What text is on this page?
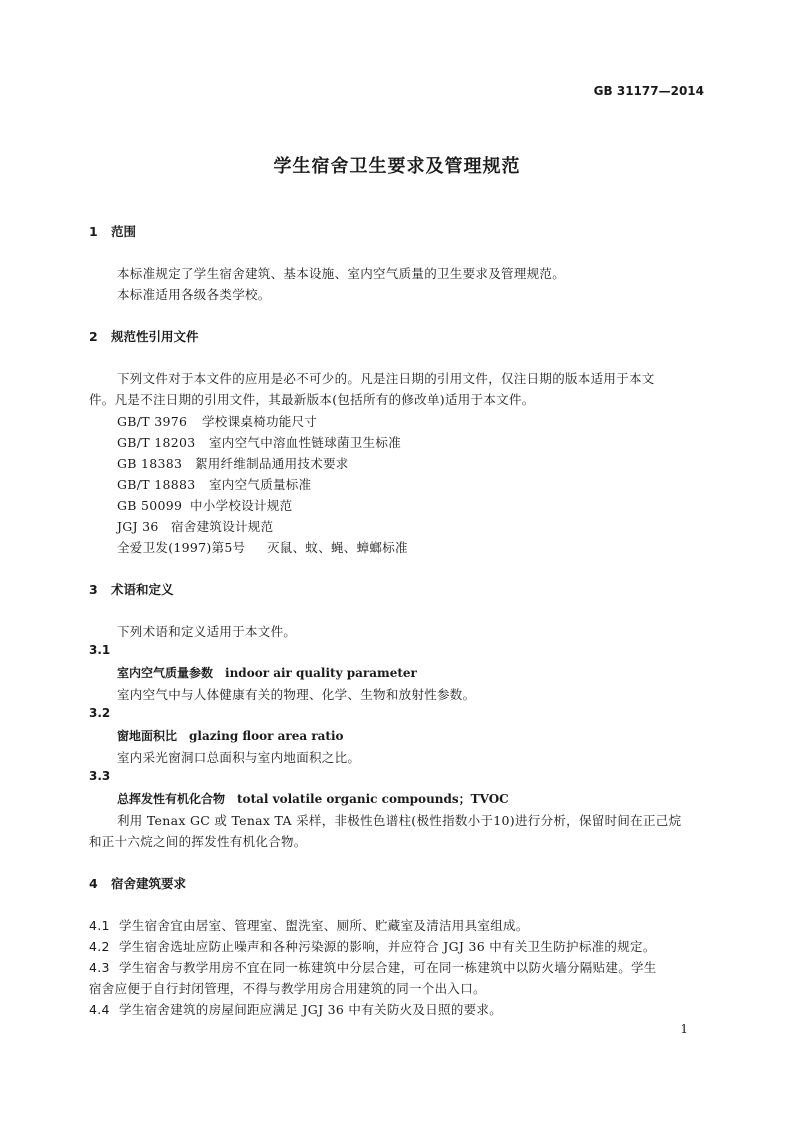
GB 31177—2014
学生宿舍卫生要求及管理规范
1 范围
本标准规定了学生宿舍建筑、基本设施、室内空气质量的卫生要求及管理规范。
本标准适用各级各类学校。
2 规范性引用文件
下列文件对于本文件的应用是必不可少的。凡是注日期的引用文件，仅注日期的版本适用于本文
件。凡是不注日期的引用文件，其最新版本(包括所有的修改单)适用于本文件。
GB/T 3976 学校课桌椅功能尺寸
GB/T 18203 室内空气中溶血性链球菌卫生标准
GB 18383 絮用纤维制品通用技术要求
GB/T 18883 室内空气质量标准
GB 50099 中小学校设计规范
JGJ 36 宿舍建筑设计规范
全爱卫发(1997)第5号 灭鼠、蚊、蝇、蟑螂标准
3 术语和定义
下列术语和定义适用于本文件。
3.1
室内空气质量参数 indoor air quality parameter
室内空气中与人体健康有关的物理、化学、生物和放射性参数。
3.2
窗地面积比 glazing floor area ratio
室内采光窗洞口总面积与室内地面积之比。
3.3
总挥发性有机化合物 total volatile organic compounds；TVOC
利用 Tenax GC 或 Tenax TA 采样，非极性色谱柱(极性指数小于10)进行分析，保留时间在正己烷
和正十六烷之间的挥发性有机化合物。
4 宿舍建筑要求
4.1 学生宿舍宜由居室、管理室、盥洗室、厕所、贮藏室及清洁用具室组成。
4.2 学生宿舍选址应防止噪声和各种污染源的影响，并应符合 JGJ 36 中有关卫生防护标准的规定。
4.3 学生宿舍与教学用房不宜在同一栋建筑中分层合建，可在同一栋建筑中以防火墙分隔贴建。学生
宿舍应便于自行封闭管理，不得与教学用房合用建筑的同一个出入口。
4.4 学生宿舍建筑的房屋间距应满足 JGJ 36 中有关防火及日照的要求。
1
